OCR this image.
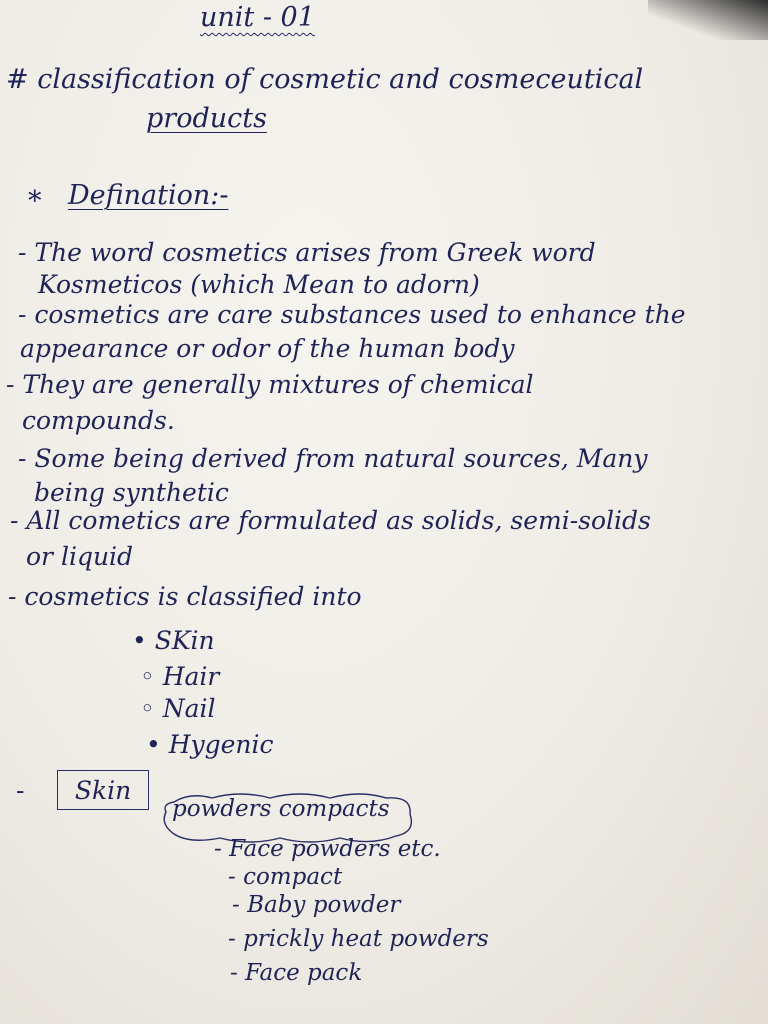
unit - 01
# classification of cosmetic and cosmeceutical
products
* Defination:-
- The word cosmetics arises from Greek word
Kosmeticos (which Mean to adorn)
- cosmetics are care substances used to enhance the
appearance or odor of the human body
- They are generally mixtures of chemical
compounds.
- Some being derived from natural sources, Many
being synthetic
- All cometics are formulated as solids, semi-solids
or liquid
- cosmetics is classified into
• SKin
◦ Hair
◦ Nail
• Hygenic
- Skin
powders compacts
- Face powders etc.
- compact
- Baby powder
- prickly heat powders
- Face pack
